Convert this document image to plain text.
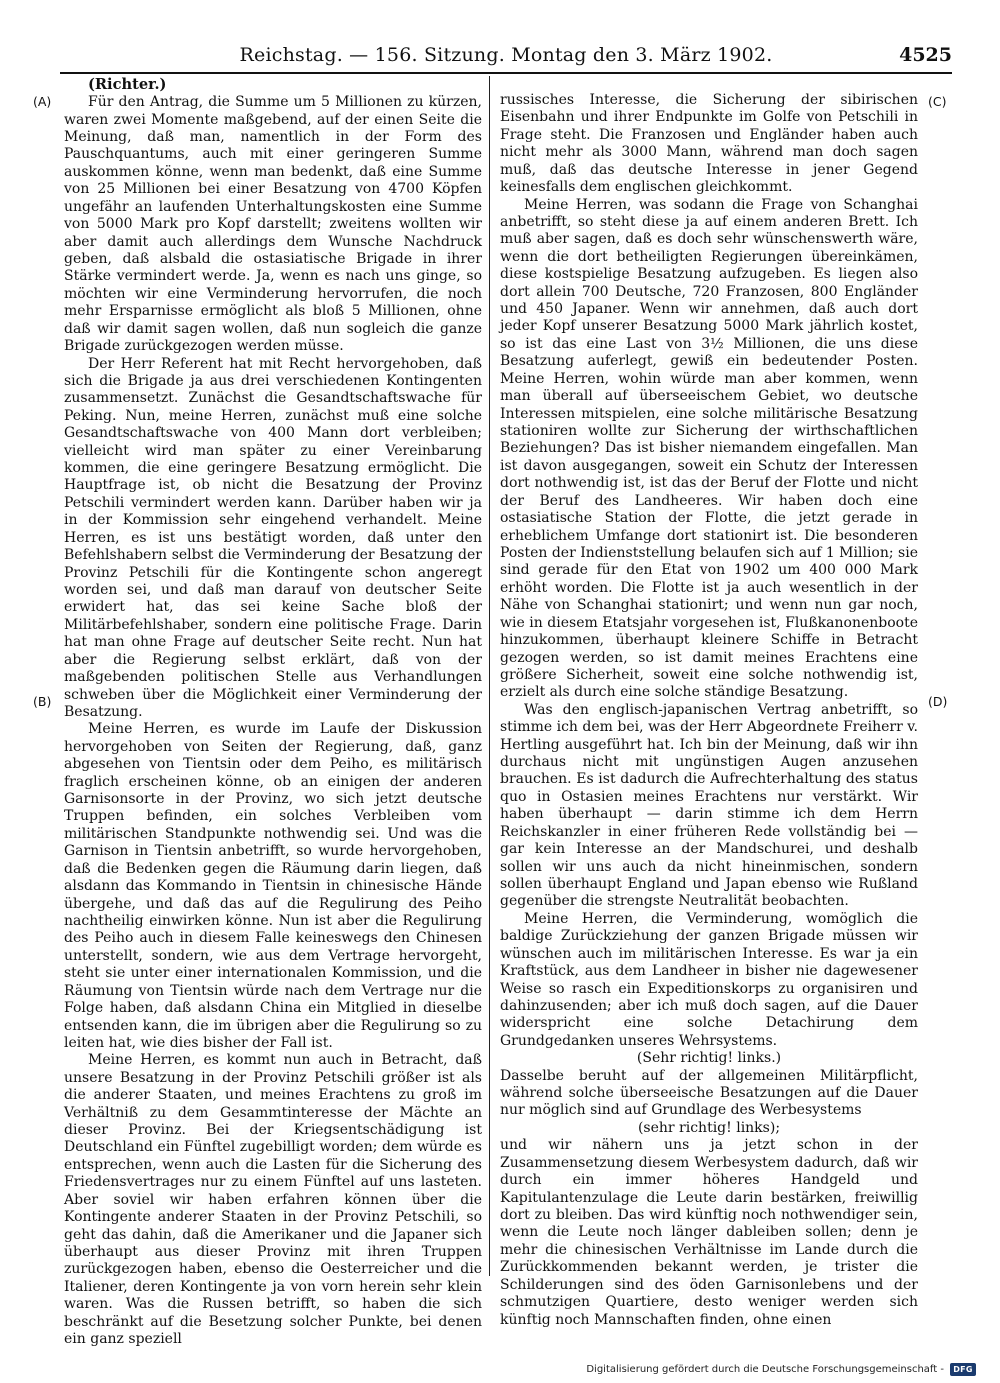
Reichstag. — 156. Sitzung. Montag den 3. März 1902.	4525
(A)
(B)
(C)
(D)

(Richter.)

Für den Antrag, die Summe um 5 Millionen zu kürzen, waren zwei Momente maßgebend, auf der einen Seite die Meinung, daß man, namentlich in der Form des Pauschquantums, auch mit einer geringeren Summe auskommen könne, wenn man bedenkt, daß eine Summe von 25 Millionen bei einer Besatzung von 4700 Köpfen ungefähr an laufenden Unterhaltungskosten eine Summe von 5000 Mark pro Kopf darstellt; zweitens wollten wir aber damit auch allerdings dem Wunsche Nachdruck geben, daß alsbald die ostasiatische Brigade in ihrer Stärke vermindert werde. Ja, wenn es nach uns ginge, so möchten wir eine Verminderung hervorrufen, die noch mehr Ersparnisse ermöglicht als bloß 5 Millionen, ohne daß wir damit sagen wollen, daß nun sogleich die ganze Brigade zurückgezogen werden müsse.

Der Herr Referent hat mit Recht hervorgehoben, daß sich die Brigade ja aus drei verschiedenen Kontingenten zusammensetzt. Zunächst die Gesandtschaftswache für Peking. Nun, meine Herren, zunächst muß eine solche Gesandtschaftswache von 400 Mann dort verbleiben; vielleicht wird man später zu einer Vereinbarung kommen, die eine geringere Besatzung ermöglicht. Die Hauptfrage ist, ob nicht die Besatzung der Provinz Petschili vermindert werden kann. Darüber haben wir ja in der Kommission sehr eingehend verhandelt. Meine Herren, es ist uns bestätigt worden, daß unter den Befehlshabern selbst die Verminderung der Besatzung der Provinz Petschili für die Kontingente schon angeregt worden sei, und daß man darauf von deutscher Seite erwidert hat, das sei keine Sache bloß der Militärbefehlshaber, sondern eine politische Frage. Darin hat man ohne Frage auf deutscher Seite recht. Nun hat aber die Regierung selbst erklärt, daß von der maßgebenden politischen Stelle aus Verhandlungen schweben über die Möglichkeit einer Verminderung der Besatzung.

Meine Herren, es wurde im Laufe der Diskussion hervorgehoben von Seiten der Regierung, daß, ganz abgesehen von Tientsin oder dem Peiho, es militärisch fraglich erscheinen könne, ob an einigen der anderen Garnisonsorte in der Provinz, wo sich jetzt deutsche Truppen befinden, ein solches Verbleiben vom militärischen Standpunkte nothwendig sei. Und was die Garnison in Tientsin anbetrifft, so wurde hervorgehoben, daß die Bedenken gegen die Räumung darin liegen, daß alsdann das Kommando in Tientsin in chinesische Hände übergehe, und daß das auf die Regulirung des Peiho nachtheilig einwirken könne. Nun ist aber die Regulirung des Peiho auch in diesem Falle keineswegs den Chinesen unterstellt, sondern, wie aus dem Vertrage hervorgeht, steht sie unter einer internationalen Kommission, und die Räumung von Tientsin würde nach dem Vertrage nur die Folge haben, daß alsdann China ein Mitglied in dieselbe entsenden kann, die im übrigen aber die Regulirung so zu leiten hat, wie dies bisher der Fall ist.

Meine Herren, es kommt nun auch in Betracht, daß unsere Besatzung in der Provinz Petschili größer ist als die anderer Staaten, und meines Erachtens zu groß im Verhältniß zu dem Gesammtinteresse der Mächte an dieser Provinz. Bei der Kriegsentschädigung ist Deutschland ein Fünftel zugebilligt worden; dem würde es entsprechen, wenn auch die Lasten für die Sicherung des Friedensvertrages nur zu einem Fünftel auf uns lasteten. Aber soviel wir haben erfahren können über die Kontingente anderer Staaten in der Provinz Petschili, so geht das dahin, daß die Amerikaner und die Japaner sich überhaupt aus dieser Provinz mit ihren Truppen zurückgezogen haben, ebenso die Oesterreicher und die Italiener, deren Kontingente ja von vorn herein sehr klein waren. Was die Russen betrifft, so haben die sich beschränkt auf die Besetzung solcher Punkte, bei denen ein ganz speziell

russisches Interesse, die Sicherung der sibirischen Eisenbahn und ihrer Endpunkte im Golfe von Petschili in Frage steht. Die Franzosen und Engländer haben auch nicht mehr als 3000 Mann, während man doch sagen muß, daß das deutsche Interesse in jener Gegend keinesfalls dem englischen gleichkommt.

Meine Herren, was sodann die Frage von Schanghai anbetrifft, so steht diese ja auf einem anderen Brett. Ich muß aber sagen, daß es doch sehr wünschenswerth wäre, wenn die dort betheiligten Regierungen übereinkämen, diese kostspielige Besatzung aufzugeben. Es liegen also dort allein 700 Deutsche, 720 Franzosen, 800 Engländer und 450 Japaner. Wenn wir annehmen, daß auch dort jeder Kopf unserer Besatzung 5000 Mark jährlich kostet, so ist das eine Last von 3½ Millionen, die uns diese Besatzung auferlegt, gewiß ein bedeutender Posten. Meine Herren, wohin würde man aber kommen, wenn man überall auf überseeischem Gebiet, wo deutsche Interessen mitspielen, eine solche militärische Besatzung stationiren wollte zur Sicherung der wirthschaftlichen Beziehungen? Das ist bisher niemandem eingefallen. Man ist davon ausgegangen, soweit ein Schutz der Interessen dort nothwendig ist, ist das der Beruf der Flotte und nicht der Beruf des Landheeres. Wir haben doch eine ostasiatische Station der Flotte, die jetzt gerade in erheblichem Umfange dort stationirt ist. Die besonderen Posten der Indienststellung belaufen sich auf 1 Million; sie sind gerade für den Etat von 1902 um 400 000 Mark erhöht worden. Die Flotte ist ja auch wesentlich in der Nähe von Schanghai stationirt; und wenn nun gar noch, wie in diesem Etatsjahr vorgesehen ist, Flußkanonenboote hinzukommen, überhaupt kleinere Schiffe in Betracht gezogen werden, so ist damit meines Erachtens eine größere Sicherheit, soweit eine solche nothwendig ist, erzielt als durch eine solche ständige Besatzung.

Was den englisch-japanischen Vertrag anbetrifft, so stimme ich dem bei, was der Herr Abgeordnete Freiherr v. Hertling ausgeführt hat. Ich bin der Meinung, daß wir ihn durchaus nicht mit ungünstigen Augen anzusehen brauchen. Es ist dadurch die Aufrechterhaltung des status quo in Ostasien meines Erachtens nur verstärkt. Wir haben überhaupt — darin stimme ich dem Herrn Reichskanzler in einer früheren Rede vollständig bei — gar kein Interesse an der Mandschurei, und deshalb sollen wir uns auch da nicht hineinmischen, sondern sollen überhaupt England und Japan ebenso wie Rußland gegenüber die strengste Neutralität beobachten.

Meine Herren, die Verminderung, womöglich die baldige Zurückziehung der ganzen Brigade müssen wir wünschen auch im militärischen Interesse. Es war ja ein Kraftstück, aus dem Landheer in bisher nie dagewesener Weise so rasch ein Expeditionskorps zu organisiren und dahinzusenden; aber ich muß doch sagen, auf die Dauer widerspricht eine solche Detachirung dem Grundgedanken unseres Wehrsystems.

(Sehr richtig! links.)

Dasselbe beruht auf der allgemeinen Militärpflicht, während solche überseeische Besatzungen auf die Dauer nur möglich sind auf Grundlage des Werbesystems

(sehr richtig! links);

und wir nähern uns ja jetzt schon in der Zusammensetzung diesem Werbesystem dadurch, daß wir durch ein immer höheres Handgeld und Kapitulantenzulage die Leute darin bestärken, freiwillig dort zu bleiben. Das wird künftig noch nothwendiger sein, wenn die Leute noch länger dableiben sollen; denn je mehr die chinesischen Verhältnisse im Lande durch die Zurückkommenden bekannt werden, je trister die Schilderungen sind des öden Garnisonlebens und der schmutzigen Quartiere, desto weniger werden sich künftig noch Mannschaften finden, ohne einen

Digitalisierung gefördert durch die Deutsche Forschungsgemeinschaft -	DFG
